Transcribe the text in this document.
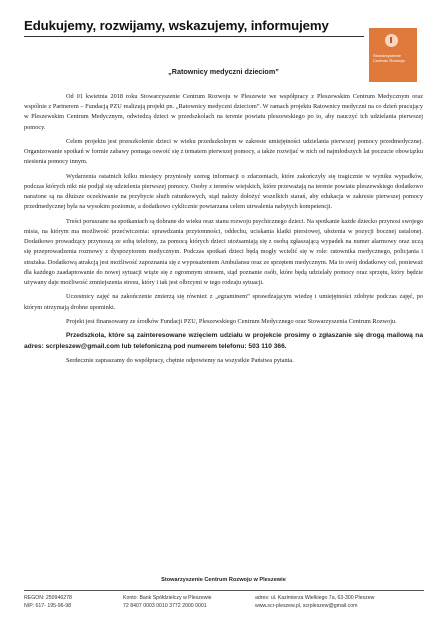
Edukujemy, rozwijamy, wskazujemy, informujemy
Stowarzyszenie Centrum Rozwoju
„Ratownicy medyczni dzieciom”

Od 01 kwietnia 2018 roku Stowarzyszenie Centrum Rozwoju w Pleszewie we współpracy z Pleszewskim Centrum Medycznym oraz wspólnie z Partnerem – Fundacją PZU realizują projekt pn. „Ratownicy medyczni dzieciom”. W ramach projektu Ratownicy medyczni na co dzień pracujący w Pleszewskim Centrum Medycznym, odwiedzą dzieci w przedszkolach na terenie powiatu pleszewskiego po to, aby nauczyć ich udzielania pierwszej pomocy.

Celem projektu jest przeszkolenie dzieci w wieku przedszkolnym w zakresie umiejętności udzielania pierwszej pomocy przedmedycznej. Organizowanie spotkań w formie zabawy pomaga oswoić się z tematem pierwszej pomocy, a także rozwijać w nich od najmłodszych lat poczucie obowiązku niesienia pomocy innym.

Wydarzenia ostatnich kilku miesięcy przyniosły szereg informacji o zdarzeniach, które zakończyły się tragicznie w wyniku wypadków, podczas których nikt nie podjął się udzielenia pierwszej pomocy. Osoby z terenów wiejskich, które przeważają na terenie powiatu pleszewskiego dodatkowo narażone są na dłuższe oczekiwanie na przybycie służb ratunkowych, stąd należy dołożyć wszelkich starań, aby edukacja w zakresie pierwszej pomocy przedmedycznej była na wysokim poziomie, a dodatkowo cyklicznie powtarzana celem utrwalenia nabytych kompetencji.

Treści poruszane na spotkaniach są dobrane do wieku oraz stanu rozwoju psychicznego dzieci. Na spotkanie każde dziecko przynosi swojego misia, na którym ma możliwość przećwiczenia: sprawdzania przytomności, oddechu, uciskania klatki piersiowej, ułożenia w pozycji bocznej ustalonej. Dodatkowo prowadzący przynoszą ze sobą telefony, za pomocą których dzieci utożsamiają się z osobą zgłaszającą wypadek na numer alarmowy oraz uczą się przeprowadzenia rozmowy z dyspozytorem medycznym. Podczas spotkań dzieci będą mogły wcielić się w role: ratownika medycznego, policjanta i strażaka. Dodatkową atrakcją jest możliwość zapoznania się z wyposażeniem Ambulansu oraz ze sprzętem medycznym. Ma to swój dodatkowy cel, ponieważ dla każdego zaadaptowanie do nowej sytuacji wiąże się z ogromnym stresem, stąd poznanie osób, które będą udzielały pomocy oraz sprzętu, który będzie używany daje możliwość zmniejszenia stresu, który i tak jest olbrzymi w tego rodzaju sytuacji.

Uczestnicy zajęć na zakończenie zmierzą się również z „egzaminem” sprawdzającym wiedzę i umiejętności zdobyte podczas zajęć, po którym otrzymają drobne upominki.

Projekt jest finansowany ze środków Fundacji PZU, Pleszewskiego Centrum Medycznego oraz Stowarzyszenia Centrum Rozwoju.

Przedszkola, które są zainteresowane wzięciem udziału w projekcie prosimy o zgłaszanie się drogą mailową na adres: scrpleszew@gmail.com lub telefoniczną pod numerem telefonu: 503 110 366.

Serdecznie zapraszamy do współpracy, chętnie odpowiemy na wszystkie Państwa pytania.

Stowarzyszenie Centrum Rozwoju w Pleszewie
REGON: 250946278
NIP: 617- 195-96-98
Konto: Bank Spółdzielczy w Pleszewie
72 8407 0003 0010 3772 2000 0001
adres: ul. Kazimierza Wielkiego 7a, 63-300 Pleszew
www.scr-pleszew.pl, scrpleszew@gmail.com
